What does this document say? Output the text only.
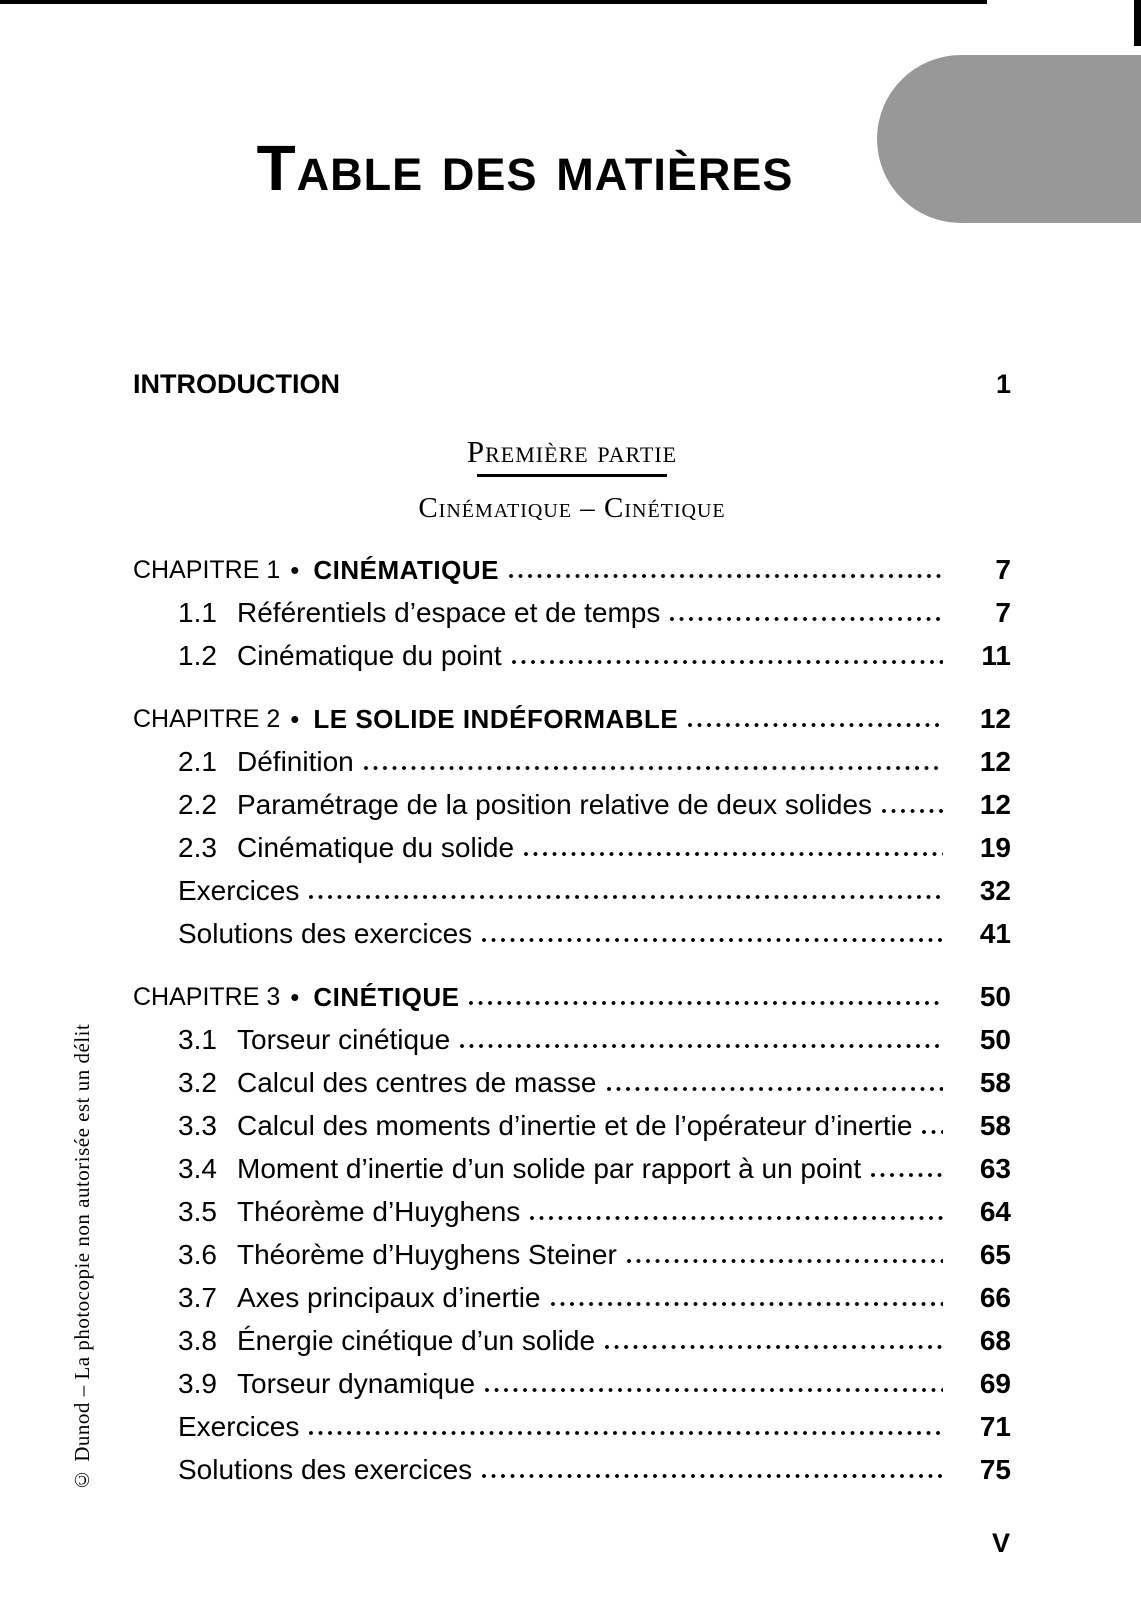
Table des matières
INTRODUCTION	1
Première partie
Cinématique – Cinétique
CHAPITRE 1 • CINÉMATIQUE	7
1.1 Référentiels d’espace et de temps	7
1.2 Cinématique du point	11
CHAPITRE 2 • LE SOLIDE INDÉFORMABLE	12
2.1 Définition	12
2.2 Paramétrage de la position relative de deux solides	12
2.3 Cinématique du solide	19
Exercices	32
Solutions des exercices	41
CHAPITRE 3 • CINÉTIQUE	50
3.1 Torseur cinétique	50
3.2 Calcul des centres de masse	58
3.3 Calcul des moments d’inertie et de l’opérateur d’inertie	58
3.4 Moment d’inertie d’un solide par rapport à un point	63
3.5 Théorème d’Huyghens	64
3.6 Théorème d’Huyghens Steiner	65
3.7 Axes principaux d’inertie	66
3.8 Énergie cinétique d’un solide	68
3.9 Torseur dynamique	69
Exercices	71
Solutions des exercices	75
© Dunod – La photocopie non autorisée est un délit
V
